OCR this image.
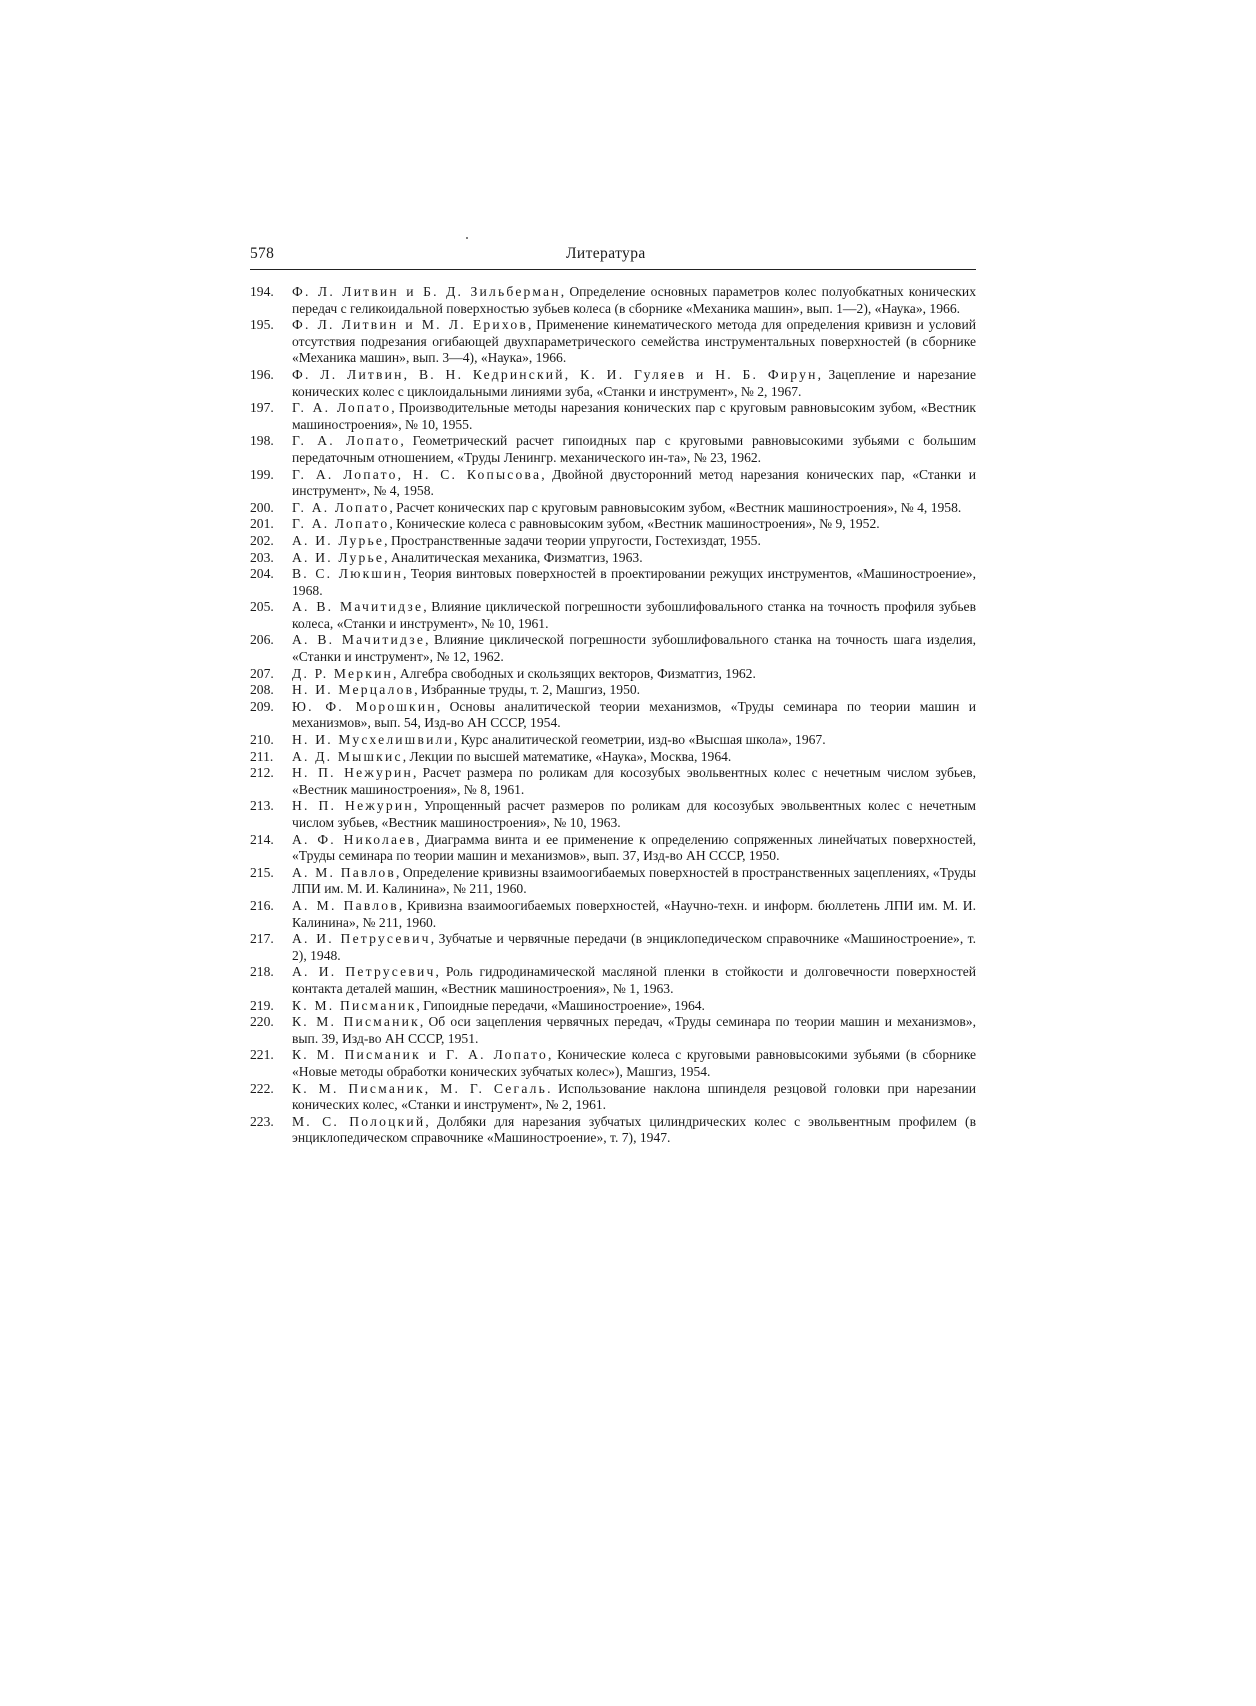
578	Литература
194.	Ф. Л. Литвин и Б. Д. Зильберман, Определение основных параметров колес полуобкатных конических передач с геликоидальной поверхностью зубьев колеса (в сборнике «Механика машин», вып. 1—2), «Наука», 1966.
195.	Ф. Л. Литвин и М. Л. Ерихов, Применение кинематического метода для определения кривизн и условий отсутствия подрезания огибающей двухпараметрического семейства инструментальных поверхностей (в сборнике «Механика машин», вып. 3—4), «Наука», 1966.
196.	Ф. Л. Литвин, В. Н. Кедринский, К. И. Гуляев и Н. Б. Фирун, Зацепление и нарезание конических колес с циклоидальными линиями зуба, «Станки и инструмент», № 2, 1967.
197.	Г. А. Лопато, Производительные методы нарезания конических пар с круговым равновысоким зубом, «Вестник машиностроения», № 10, 1955.
198.	Г. А. Лопато, Геометрический расчет гипоидных пар с круговыми равновысокими зубьями с большим передаточным отношением, «Труды Ленингр. механического ин-та», № 23, 1962.
199.	Г. А. Лопато, Н. С. Копысова, Двойной двусторонний метод нарезания конических пар, «Станки и инструмент», № 4, 1958.
200.	Г. А. Лопато, Расчет конических пар с круговым равновысоким зубом, «Вестник машиностроения», № 4, 1958.
201.	Г. А. Лопато, Конические колеса с равновысоким зубом, «Вестник машиностроения», № 9, 1952.
202.	А. И. Лурье, Пространственные задачи теории упругости, Гостехиздат, 1955.
203.	А. И. Лурье, Аналитическая механика, Физматгиз, 1963.
204.	В. С. Люкшин, Теория винтовых поверхностей в проектировании режущих инструментов, «Машиностроение», 1968.
205.	А. В. Мачитидзе, Влияние циклической погрешности зубошлифовального станка на точность профиля зубьев колеса, «Станки и инструмент», № 10, 1961.
206.	А. В. Мачитидзе, Влияние циклической погрешности зубошлифовального станка на точность шага изделия, «Станки и инструмент», № 12, 1962.
207.	Д. Р. Меркин, Алгебра свободных и скользящих векторов, Физматгиз, 1962.
208.	Н. И. Мерцалов, Избранные труды, т. 2, Машгиз, 1950.
209.	Ю. Ф. Морошкин, Основы аналитической теории механизмов, «Труды семинара по теории машин и механизмов», вып. 54, Изд-во АН СССР, 1954.
210.	Н. И. Мусхелишвили, Курс аналитической геометрии, изд-во «Высшая школа», 1967.
211.	А. Д. Мышкис, Лекции по высшей математике, «Наука», Москва, 1964.
212.	Н. П. Нежурин, Расчет размера по роликам для косозубых эвольвентных колес с нечетным числом зубьев, «Вестник машиностроения», № 8, 1961.
213.	Н. П. Нежурин, Упрощенный расчет размеров по роликам для косозубых эвольвентных колес с нечетным числом зубьев, «Вестник машиностроения», № 10, 1963.
214.	А. Ф. Николаев, Диаграмма винта и ее применение к определению сопряженных линейчатых поверхностей, «Труды семинара по теории машин и механизмов», вып. 37, Изд-во АН СССР, 1950.
215.	А. М. Павлов, Определение кривизны взаимоогибаемых поверхностей в пространственных зацеплениях, «Труды ЛПИ им. М. И. Калинина», № 211, 1960.
216.	А. М. Павлов, Кривизна взаимоогибаемых поверхностей, «Научно-техн. и информ. бюллетень ЛПИ им. М. И. Калинина», № 211, 1960.
217.	А. И. Петрусевич, Зубчатые и червячные передачи (в энциклопедическом справочнике «Машиностроение», т. 2), 1948.
218.	А. И. Петрусевич, Роль гидродинамической масляной пленки в стойкости и долговечности поверхностей контакта деталей машин, «Вестник машиностроения», № 1, 1963.
219.	К. М. Писманик, Гипоидные передачи, «Машиностроение», 1964.
220.	К. М. Писманик, Об оси зацепления червячных передач, «Труды семинара по теории машин и механизмов», вып. 39, Изд-во АН СССР, 1951.
221.	К. М. Писманик и Г. А. Лопато, Конические колеса с круговыми равновысокими зубьями (в сборнике «Новые методы обработки конических зубчатых колес»), Машгиз, 1954.
222.	К. М. Писманик, М. Г. Сегаль. Использование наклона шпинделя резцовой головки при нарезании конических колес, «Станки и инструмент», № 2, 1961.
223.	М. С. Полоцкий, Долбяки для нарезания зубчатых цилиндрических колес с эвольвентным профилем (в энциклопедическом справочнике «Машиностроение», т. 7), 1947.
